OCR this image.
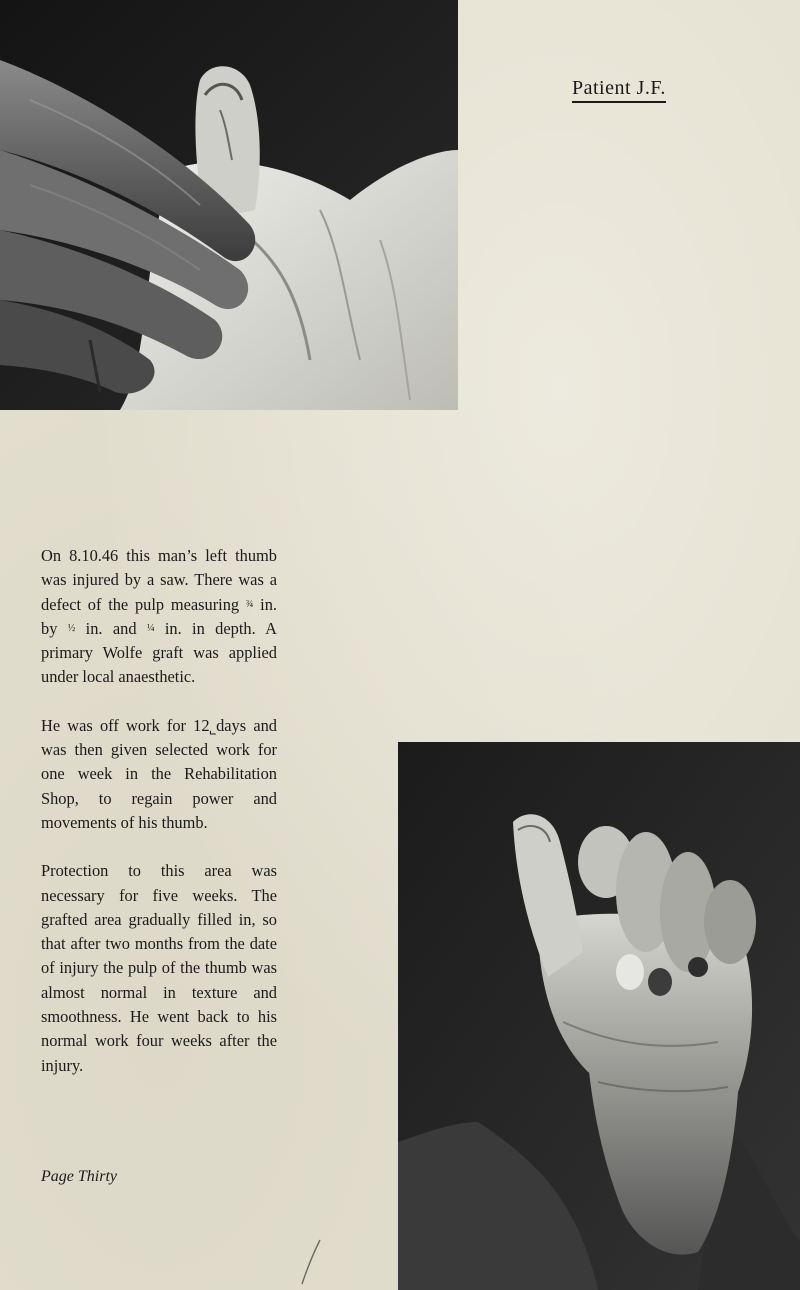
Patient J.F.

On 8.10.46 this man’s left thumb was injured by a saw. There was a defect of the pulp measuring ¾ in. by ½ in. and ¼ in. in depth. A primary Wolfe graft was applied under local anaesthetic.

He was off work for 12˾days and was then given selected work for one week in the Rehabilitation Shop, to regain power and movements of his thumb.

Protection to this area was necessary for five weeks. The grafted area gradually filled in, so that after two months from the date of injury the pulp of the thumb was almost normal in texture and smoothness. He went back to his normal work four weeks after the injury.

Page Thirty
